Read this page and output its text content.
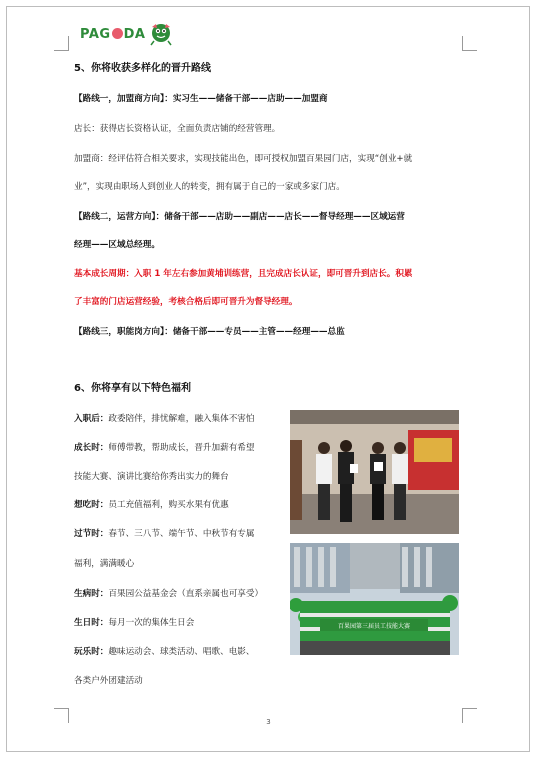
PAG DA
5、你将收获多样化的晋升路线
【路线一，加盟商方向】：实习生——储备干部——店助——加盟商
店长：获得店长资格认证，全面负责店铺的经营管理。
加盟商：经评估符合相关要求，实现技能出色，即可授权加盟百果园门店，实现“创业+就
业”，实现由职场人到创业人的转变，拥有属于自己的一家或多家门店。
【路线二，运营方向】：储备干部——店助——副店——店长——督导经理——区域运营
经理——区域总经理。
基本成长周期：入职 1 年左右参加黄埔训练营，且完成店长认证，即可晋升到店长。积累
了丰富的门店运营经验，考核合格后即可晋升为督导经理。
【路线三，职能岗方向】：储备干部——专员——主管——经理——总监
6、你将享有以下特色福利
入职后：政委陪伴，排忧解难，融入集体不害怕
成长时：师傅带教，帮助成长，晋升加薪有希望
技能大赛、演讲比赛给你秀出实力的舞台
想吃时：员工充值福利，购买水果有优惠
过节时：春节、三八节、端午节、中秋节有专属
福利，满满暖心
生病时：百果园公益基金会（直系亲属也可享受）
生日时：每月一次的集体生日会
玩乐时：趣味运动会、球类活动、唱歌、电影、
各类户外团建活动
百果园第三届员工技能大赛
3
